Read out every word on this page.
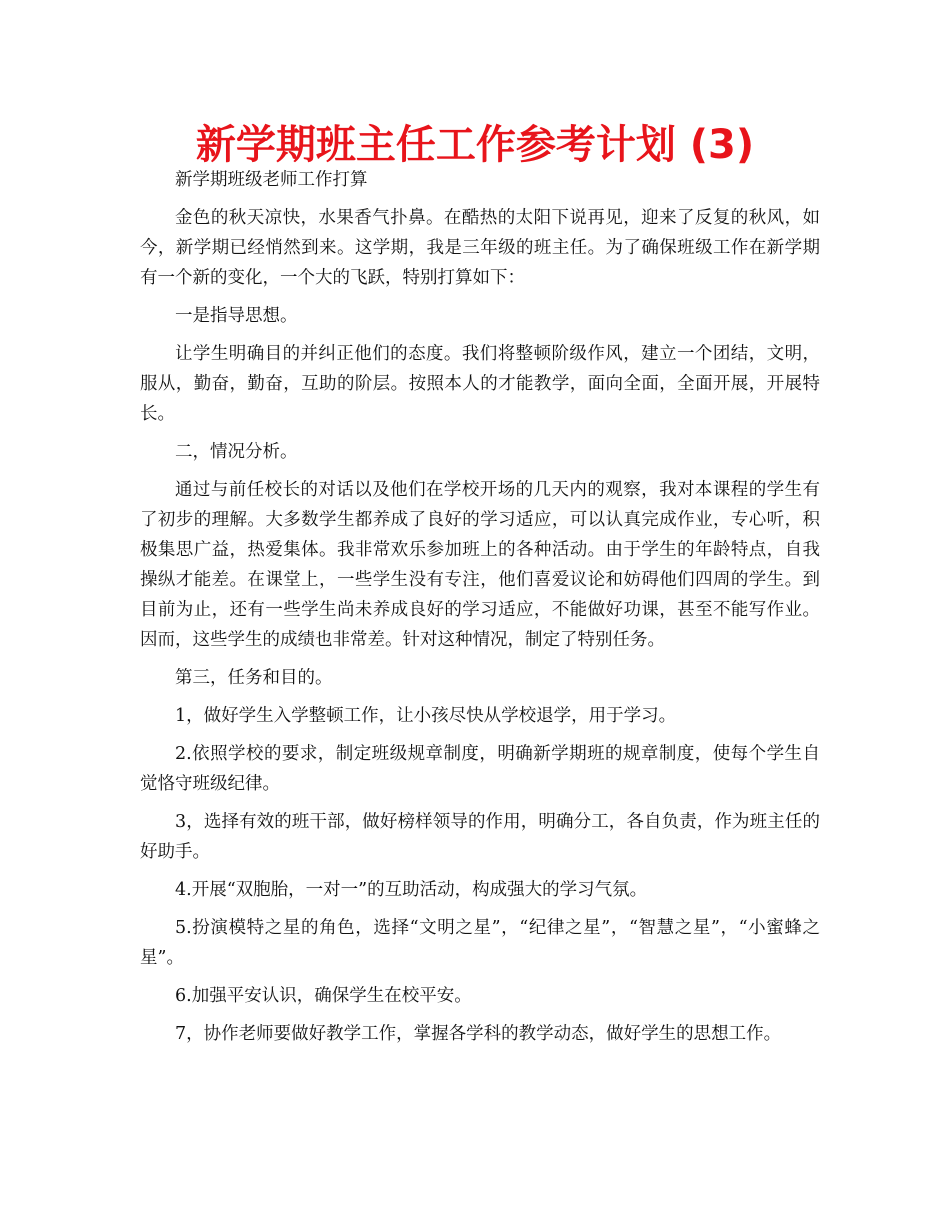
新学期班主任工作参考计划 (3)

新学期班级老师工作打算

金色的秋天凉快，水果香气扑鼻。在酷热的太阳下说再见，迎来了反复的秋风，如今，新学期已经悄然到来。这学期，我是三年级的班主任。为了确保班级工作在新学期有一个新的变化，一个大的飞跃，特别打算如下：

一是指导思想。

让学生明确目的并纠正他们的态度。我们将整顿阶级作风，建立一个团结，文明，服从，勤奋，勤奋，互助的阶层。按照本人的才能教学，面向全面，全面开展，开展特长。

二，情况分析。

通过与前任校长的对话以及他们在学校开场的几天内的观察，我对本课程的学生有了初步的理解。大多数学生都养成了良好的学习适应，可以认真完成作业，专心听，积极集思广益，热爱集体。我非常欢乐参加班上的各种活动。由于学生的年龄特点，自我操纵才能差。在课堂上，一些学生没有专注，他们喜爱议论和妨碍他们四周的学生。到目前为止，还有一些学生尚未养成良好的学习适应，不能做好功课，甚至不能写作业。因而，这些学生的成绩也非常差。针对这种情况，制定了特别任务。

第三，任务和目的。

1，做好学生入学整顿工作，让小孩尽快从学校退学，用于学习。

2.依照学校的要求，制定班级规章制度，明确新学期班的规章制度，使每个学生自觉恪守班级纪律。

3，选择有效的班干部，做好榜样领导的作用，明确分工，各自负责，作为班主任的好助手。

4.开展“双胞胎，一对一”的互助活动，构成强大的学习气氛。

5.扮演模特之星的角色，选择“文明之星”，“纪律之星”，“智慧之星”，“小蜜蜂之星”。

6.加强平安认识，确保学生在校平安。

7，协作老师要做好教学工作，掌握各学科的教学动态，做好学生的思想工作。
